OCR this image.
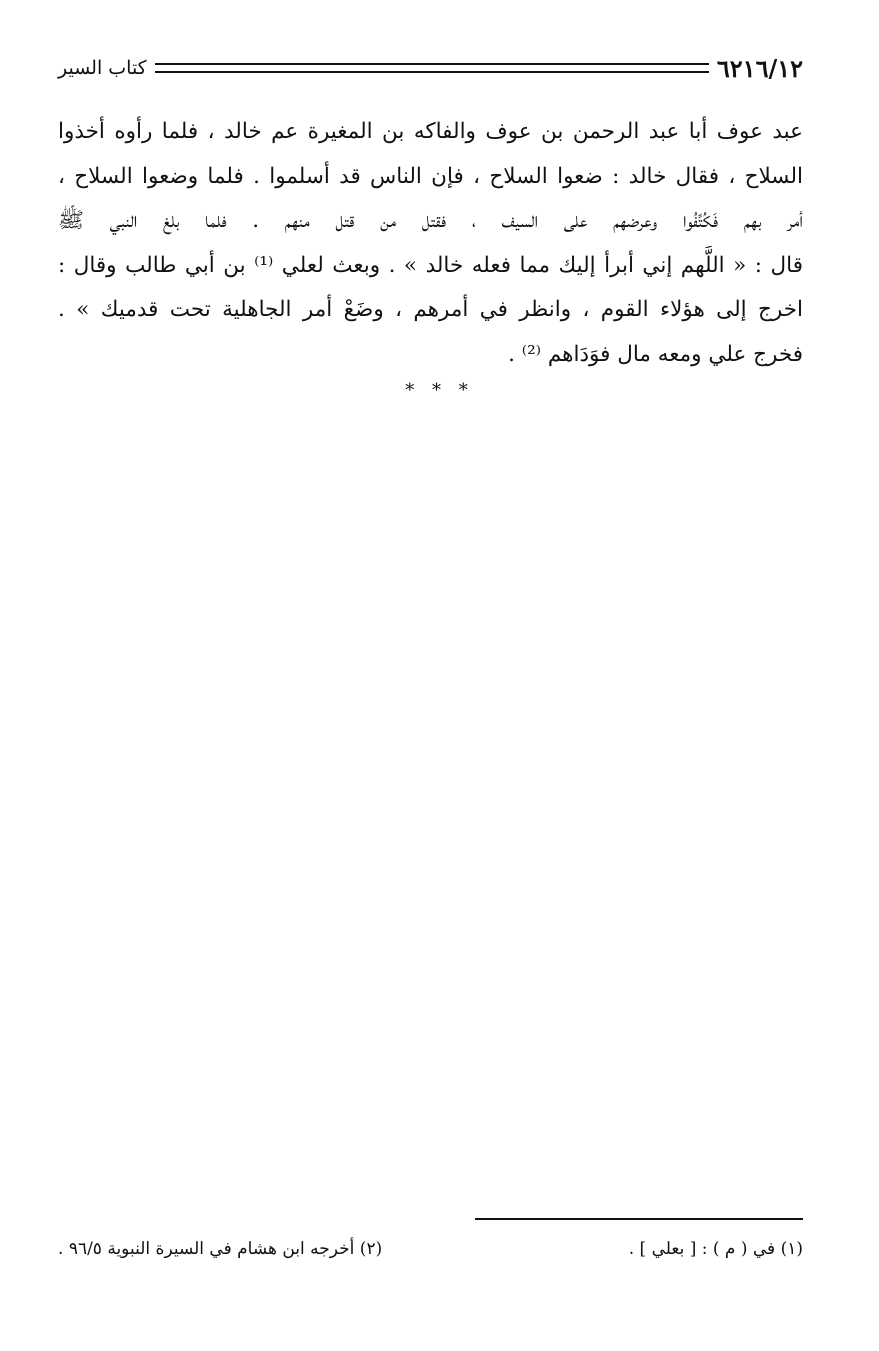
٦٢١٦/١٢
كتاب السير
عبد عوف أبا عبد الرحمن بن عوف والفاكه بن المغيرة عم خالد ، فلما رأوه أخذوا
السلاح ، فقال خالد : ضعوا السلاح ، فإن الناس قد أسلموا . فلما وضعوا السلاح ،
أمر بهم فَكُتِّفُوا وعرضهم على السيف ، فقتل من قتل منهم . فلما بلغ النبي ﷺ
قال : « اللَّهم إني أبرأ إليك مما فعله خالد » . وبعث لعلي ⁽¹⁾ بن أبي طالب وقال :
اخرج إلى هؤلاء القوم ، وانظر في أمرهم ، وضَعْ أمر الجاهلية تحت قدميك » .
فخرج علي ومعه مال فوَدَاهم ⁽²⁾ .
* * *
(١) في ( م ) : [ بعلي ] .
(٢) أخرجه ابن هشام في السيرة النبوية ٩٦/٥ .
